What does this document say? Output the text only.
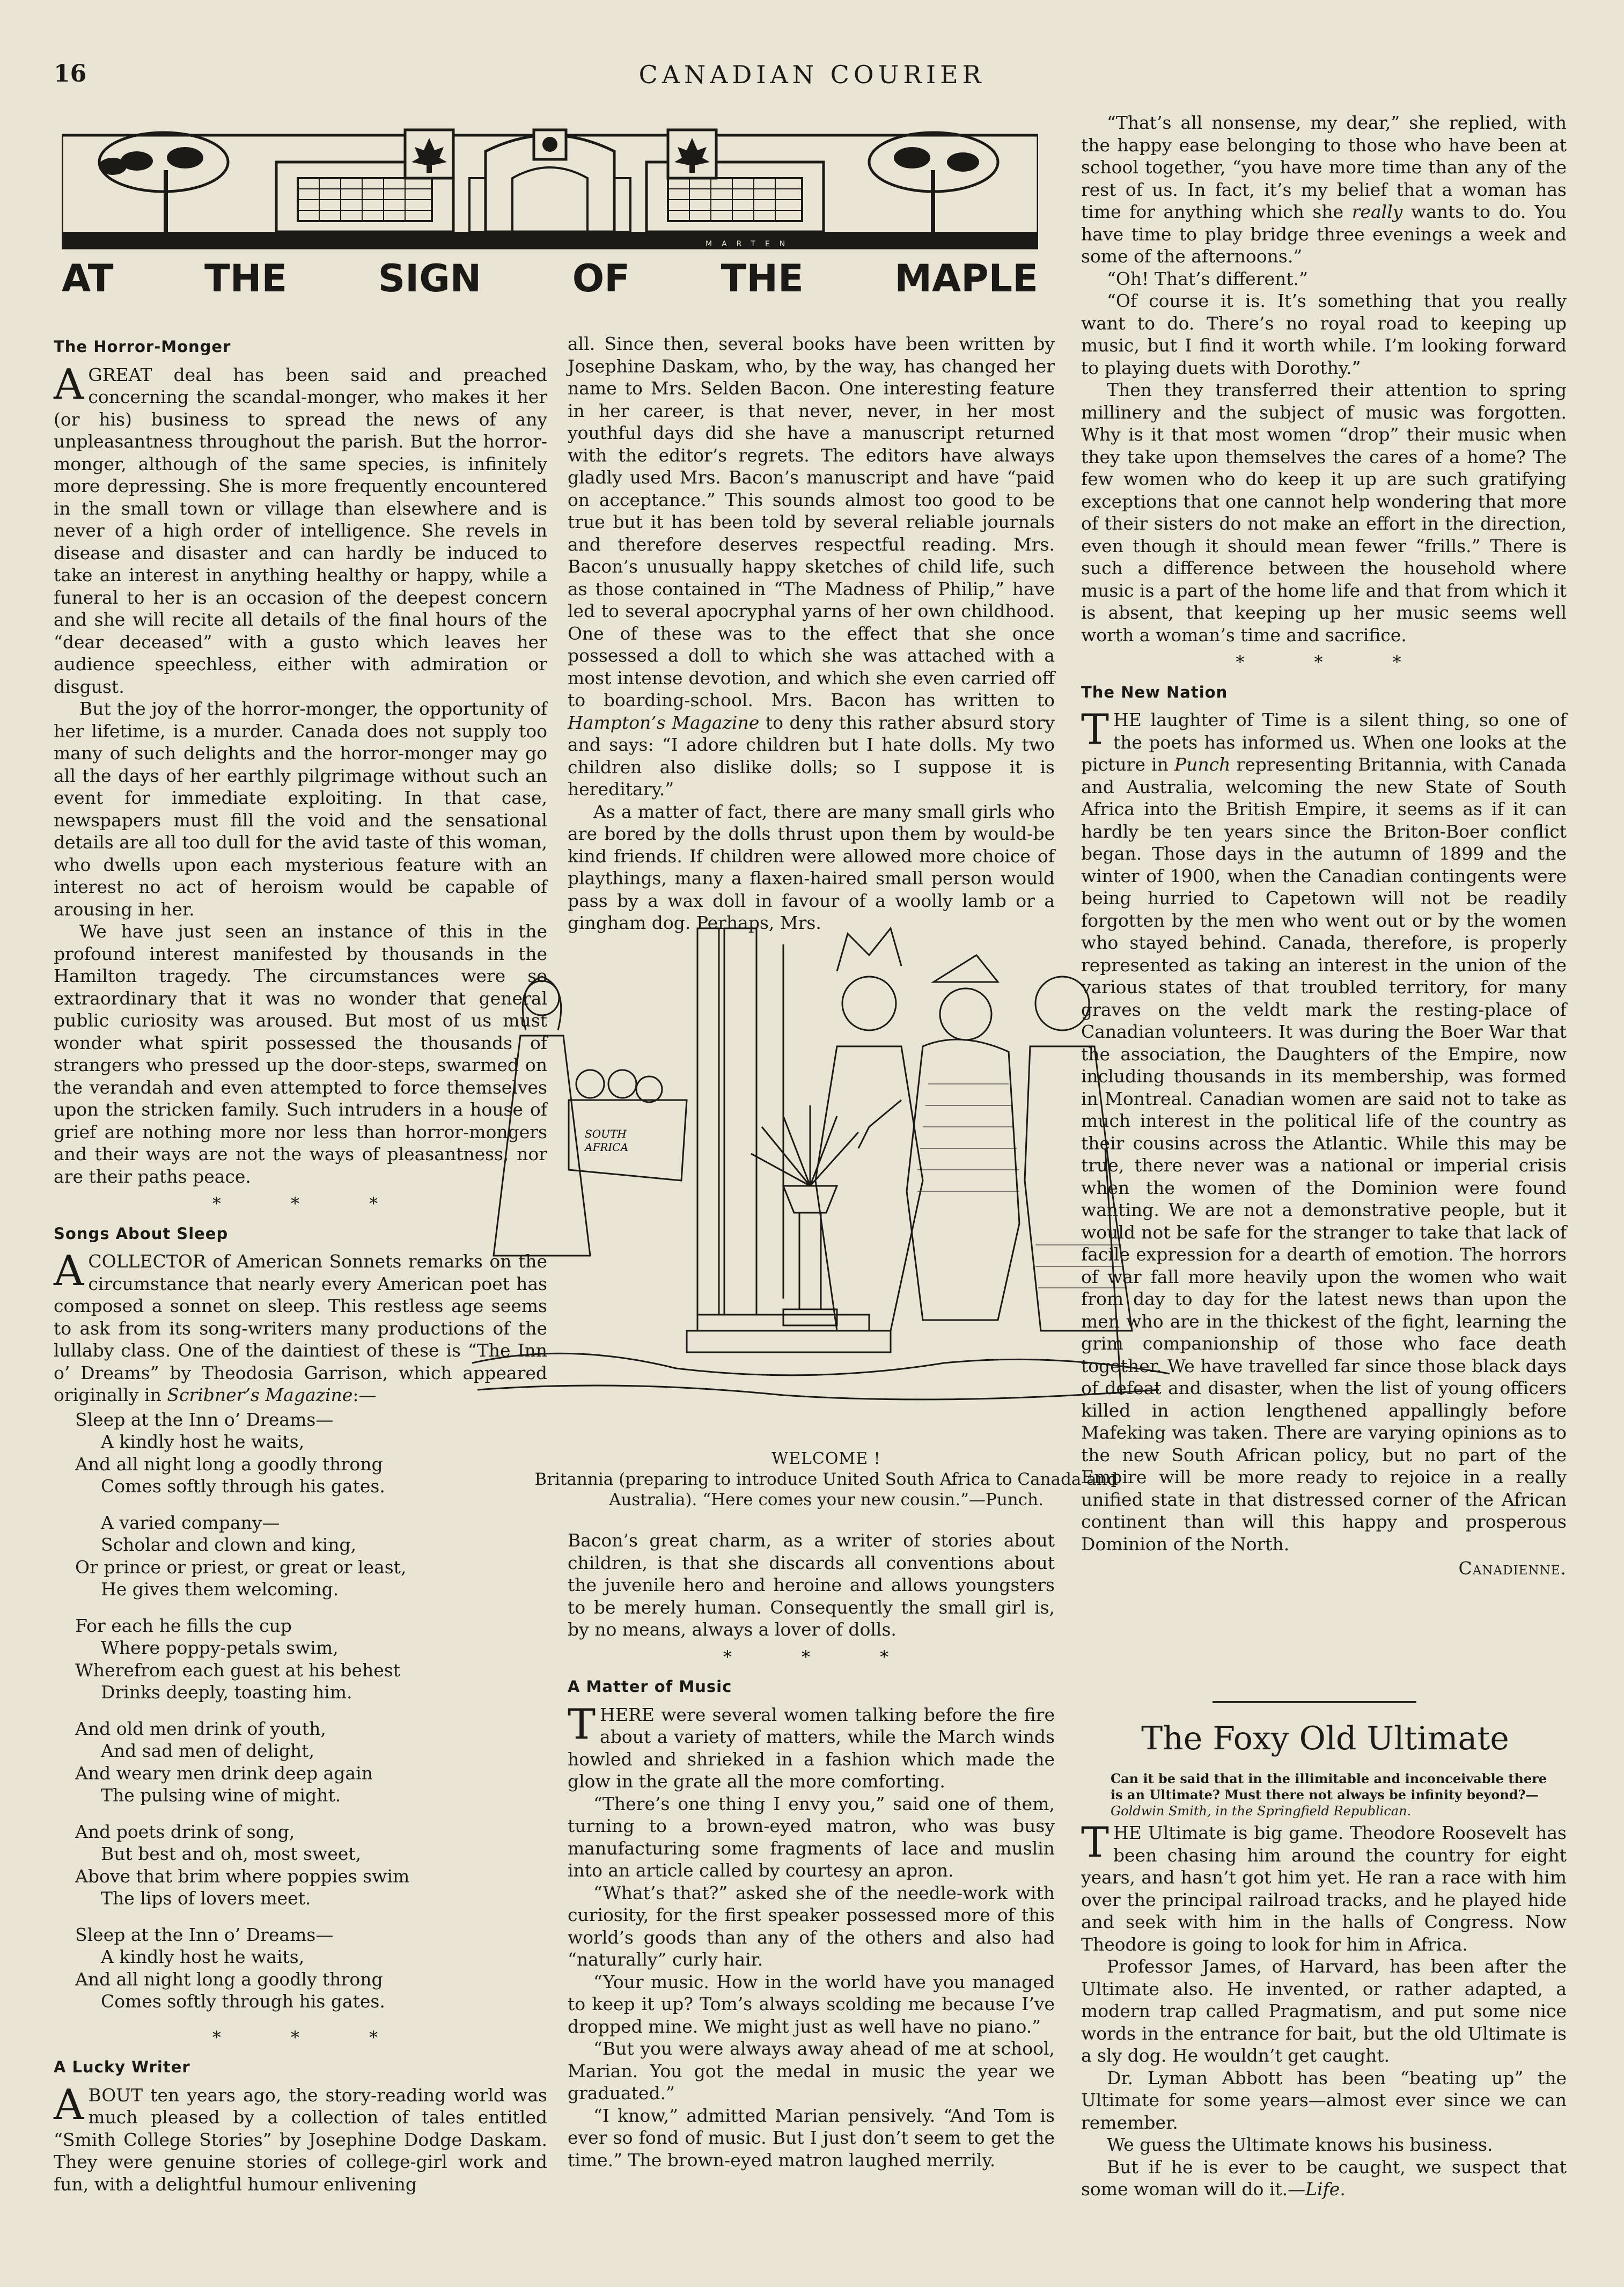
16	CANADIAN COURIER
MARTEN
AT THE SIGN OF THE MAPLE
The Horror-Monger

AGREAT deal has been said and preached concerning the scandal-monger, who makes it her (or his) business to spread the news of any unpleasantness throughout the parish. But the horror-monger, although of the same species, is infinitely more depressing. She is more frequently encountered in the small town or village than elsewhere and is never of a high order of intelligence. She revels in disease and disaster and can hardly be induced to take an interest in anything healthy or happy, while a funeral to her is an occasion of the deepest concern and she will recite all details of the final hours of the “dear deceased” with a gusto which leaves her audience speechless, either with admiration or disgust.

But the joy of the horror-monger, the opportunity of her lifetime, is a murder. Canada does not supply too many of such delights and the horror-monger may go all the days of her earthly pilgrimage without such an event for immediate exploiting. In that case, newspapers must fill the void and the sensational details are all too dull for the avid taste of this woman, who dwells upon each mysterious feature with an interest no act of heroism would be capable of arousing in her.

We have just seen an instance of this in the profound interest manifested by thousands in the Hamilton tragedy. The circumstances were so extraordinary that it was no wonder that general public curiosity was aroused. But most of us must wonder what spirit possessed the thousands of strangers who pressed up the door-steps, swarmed on the verandah and even attempted to force themselves upon the stricken family. Such intruders in a house of grief are nothing more nor less than horror-mongers and their ways are not the ways of pleasantness, nor are their paths peace.

* * *
Songs About Sleep

ACOLLECTOR of American Sonnets remarks on the circumstance that nearly every American poet has composed a sonnet on sleep. This restless age seems to ask from its song-writers many productions of the lullaby class. One of the daintiest of these is “The Inn o’ Dreams” by Theodosia Garrison, which appeared originally in Scribner’s Magazine:—

Sleep at the Inn o’ Dreams—
A kindly host he waits,
And all night long a goodly throng
Comes softly through his gates.
A varied company—
Scholar and clown and king,
Or prince or priest, or great or least,
He gives them welcoming.
For each he fills the cup
Where poppy-petals swim,
Wherefrom each guest at his behest
Drinks deeply, toasting him.
And old men drink of youth,
And sad men of delight,
And weary men drink deep again
The pulsing wine of might.
And poets drink of song,
But best and oh, most sweet,
Above that brim where poppies swim
The lips of lovers meet.
Sleep at the Inn o’ Dreams—
A kindly host he waits,
And all night long a goodly throng
Comes softly through his gates.
* * *
A Lucky Writer

ABOUT ten years ago, the story-reading world was much pleased by a collection of tales entitled “Smith College Stories” by Josephine Dodge Daskam. They were genuine stories of college-girl work and fun, with a delightful humour enlivening

all. Since then, several books have been written by Josephine Daskam, who, by the way, has changed her name to Mrs. Selden Bacon. One interesting feature in her career, is that never, never, in her most youthful days did she have a manuscript returned with the editor’s regrets. The editors have always gladly used Mrs. Bacon’s manuscript and have “paid on acceptance.” This sounds almost too good to be true but it has been told by several reliable journals and therefore deserves respectful reading. Mrs. Bacon’s unusually happy sketches of child life, such as those contained in “The Madness of Philip,” have led to several apocryphal yarns of her own childhood. One of these was to the effect that she once possessed a doll to which she was attached with a most intense devotion, and which she even carried off to boarding-school. Mrs. Bacon has written to Hampton’s Magazine to deny this rather absurd story and says: “I adore children but I hate dolls. My two children also dislike dolls; so I suppose it is hereditary.”

As a matter of fact, there are many small girls who are bored by the dolls thrust upon them by would-be kind friends. If children were allowed more choice of playthings, many a flaxen-haired small person would pass by a wax doll in favour of a woolly lamb or a gingham dog. Perhaps, Mrs.

SOUTH
AFRICA
WELCOME !
Britannia (preparing to introduce United South Africa to Canada and Australia). “Here comes your new cousin.”—Punch.

Bacon’s great charm, as a writer of stories about children, is that she discards all conventions about the juvenile hero and heroine and allows youngsters to be merely human. Consequently the small girl is, by no means, always a lover of dolls.

* * *
A Matter of Music

THERE were several women talking before the fire about a variety of matters, while the March winds howled and shrieked in a fashion which made the glow in the grate all the more comforting.

“There’s one thing I envy you,” said one of them, turning to a brown-eyed matron, who was busy manufacturing some fragments of lace and muslin into an article called by courtesy an apron.

“What’s that?” asked she of the needle-work with curiosity, for the first speaker possessed more of this world’s goods than any of the others and also had “naturally” curly hair.

“Your music. How in the world have you managed to keep it up? Tom’s always scolding me because I’ve dropped mine. We might just as well have no piano.”

“But you were always away ahead of me at school, Marian. You got the medal in music the year we graduated.”

“I know,” admitted Marian pensively. “And Tom is ever so fond of music. But I just don’t seem to get the time.” The brown-eyed matron laughed merrily.

“That’s all nonsense, my dear,” she replied, with the happy ease belonging to those who have been at school together, “you have more time than any of the rest of us. In fact, it’s my belief that a woman has time for anything which she really wants to do. You have time to play bridge three evenings a week and some of the afternoons.”

“Oh! That’s different.”

“Of course it is. It’s something that you really want to do. There’s no royal road to keeping up music, but I find it worth while. I’m looking forward to playing duets with Dorothy.”

Then they transferred their attention to spring millinery and the subject of music was forgotten. Why is it that most women “drop” their music when they take upon themselves the cares of a home? The few women who do keep it up are such gratifying exceptions that one cannot help wondering that more of their sisters do not make an effort in the direction, even though it should mean fewer “frills.” There is such a difference between the household where music is a part of the home life and that from which it is absent, that keeping up her music seems well worth a woman’s time and sacrifice.

* * *
The New Nation

THE laughter of Time is a silent thing, so one of the poets has informed us. When one looks at the picture in Punch representing Britannia, with Canada and Australia, welcoming the new State of South Africa into the British Empire, it seems as if it can hardly be ten years since the Briton-Boer conflict began. Those days in the autumn of 1899 and the winter of 1900, when the Canadian contingents were being hurried to Capetown will not be readily forgotten by the men who went out or by the women who stayed behind. Canada, therefore, is properly represented as taking an interest in the union of the various states of that troubled territory, for many graves on the veldt mark the resting-place of Canadian volunteers. It was during the Boer War that the association, the Daughters of the Empire, now including thousands in its membership, was formed in Montreal. Canadian women are said not to take as much interest in the political life of the country as their cousins across the Atlantic. While this may be true, there never was a national or imperial crisis when the women of the Dominion were found wanting. We are not a demonstrative people, but it would not be safe for the stranger to take that lack of facile expression for a dearth of emotion. The horrors of war fall more heavily upon the women who wait from day to day for the latest news than upon the men who are in the thickest of the fight, learning the grim companionship of those who face death together. We have travelled far since those black days of defeat and disaster, when the list of young officers killed in action lengthened appallingly before Mafeking was taken. There are varying opinions as to the new South African policy, but no part of the Empire will be more ready to rejoice in a really unified state in that distressed corner of the African continent than will this happy and prosperous Dominion of the North.

Canadienne.
The Foxy Old Ultimate
Can it be said that in the illimitable and inconceivable there is an Ultimate? Must there not always be infinity beyond?—Goldwin Smith, in the Springfield Republican.

THE Ultimate is big game. Theodore Roosevelt has been chasing him around the country for eight years, and hasn’t got him yet. He ran a race with him over the principal railroad tracks, and he played hide and seek with him in the halls of Congress. Now Theodore is going to look for him in Africa.

Professor James, of Harvard, has been after the Ultimate also. He invented, or rather adapted, a modern trap called Pragmatism, and put some nice words in the entrance for bait, but the old Ultimate is a sly dog. He wouldn’t get caught.

Dr. Lyman Abbott has been “beating up” the Ultimate for some years—almost ever since we can remember.

We guess the Ultimate knows his business.

But if he is ever to be caught, we suspect that some woman will do it.—Life.
